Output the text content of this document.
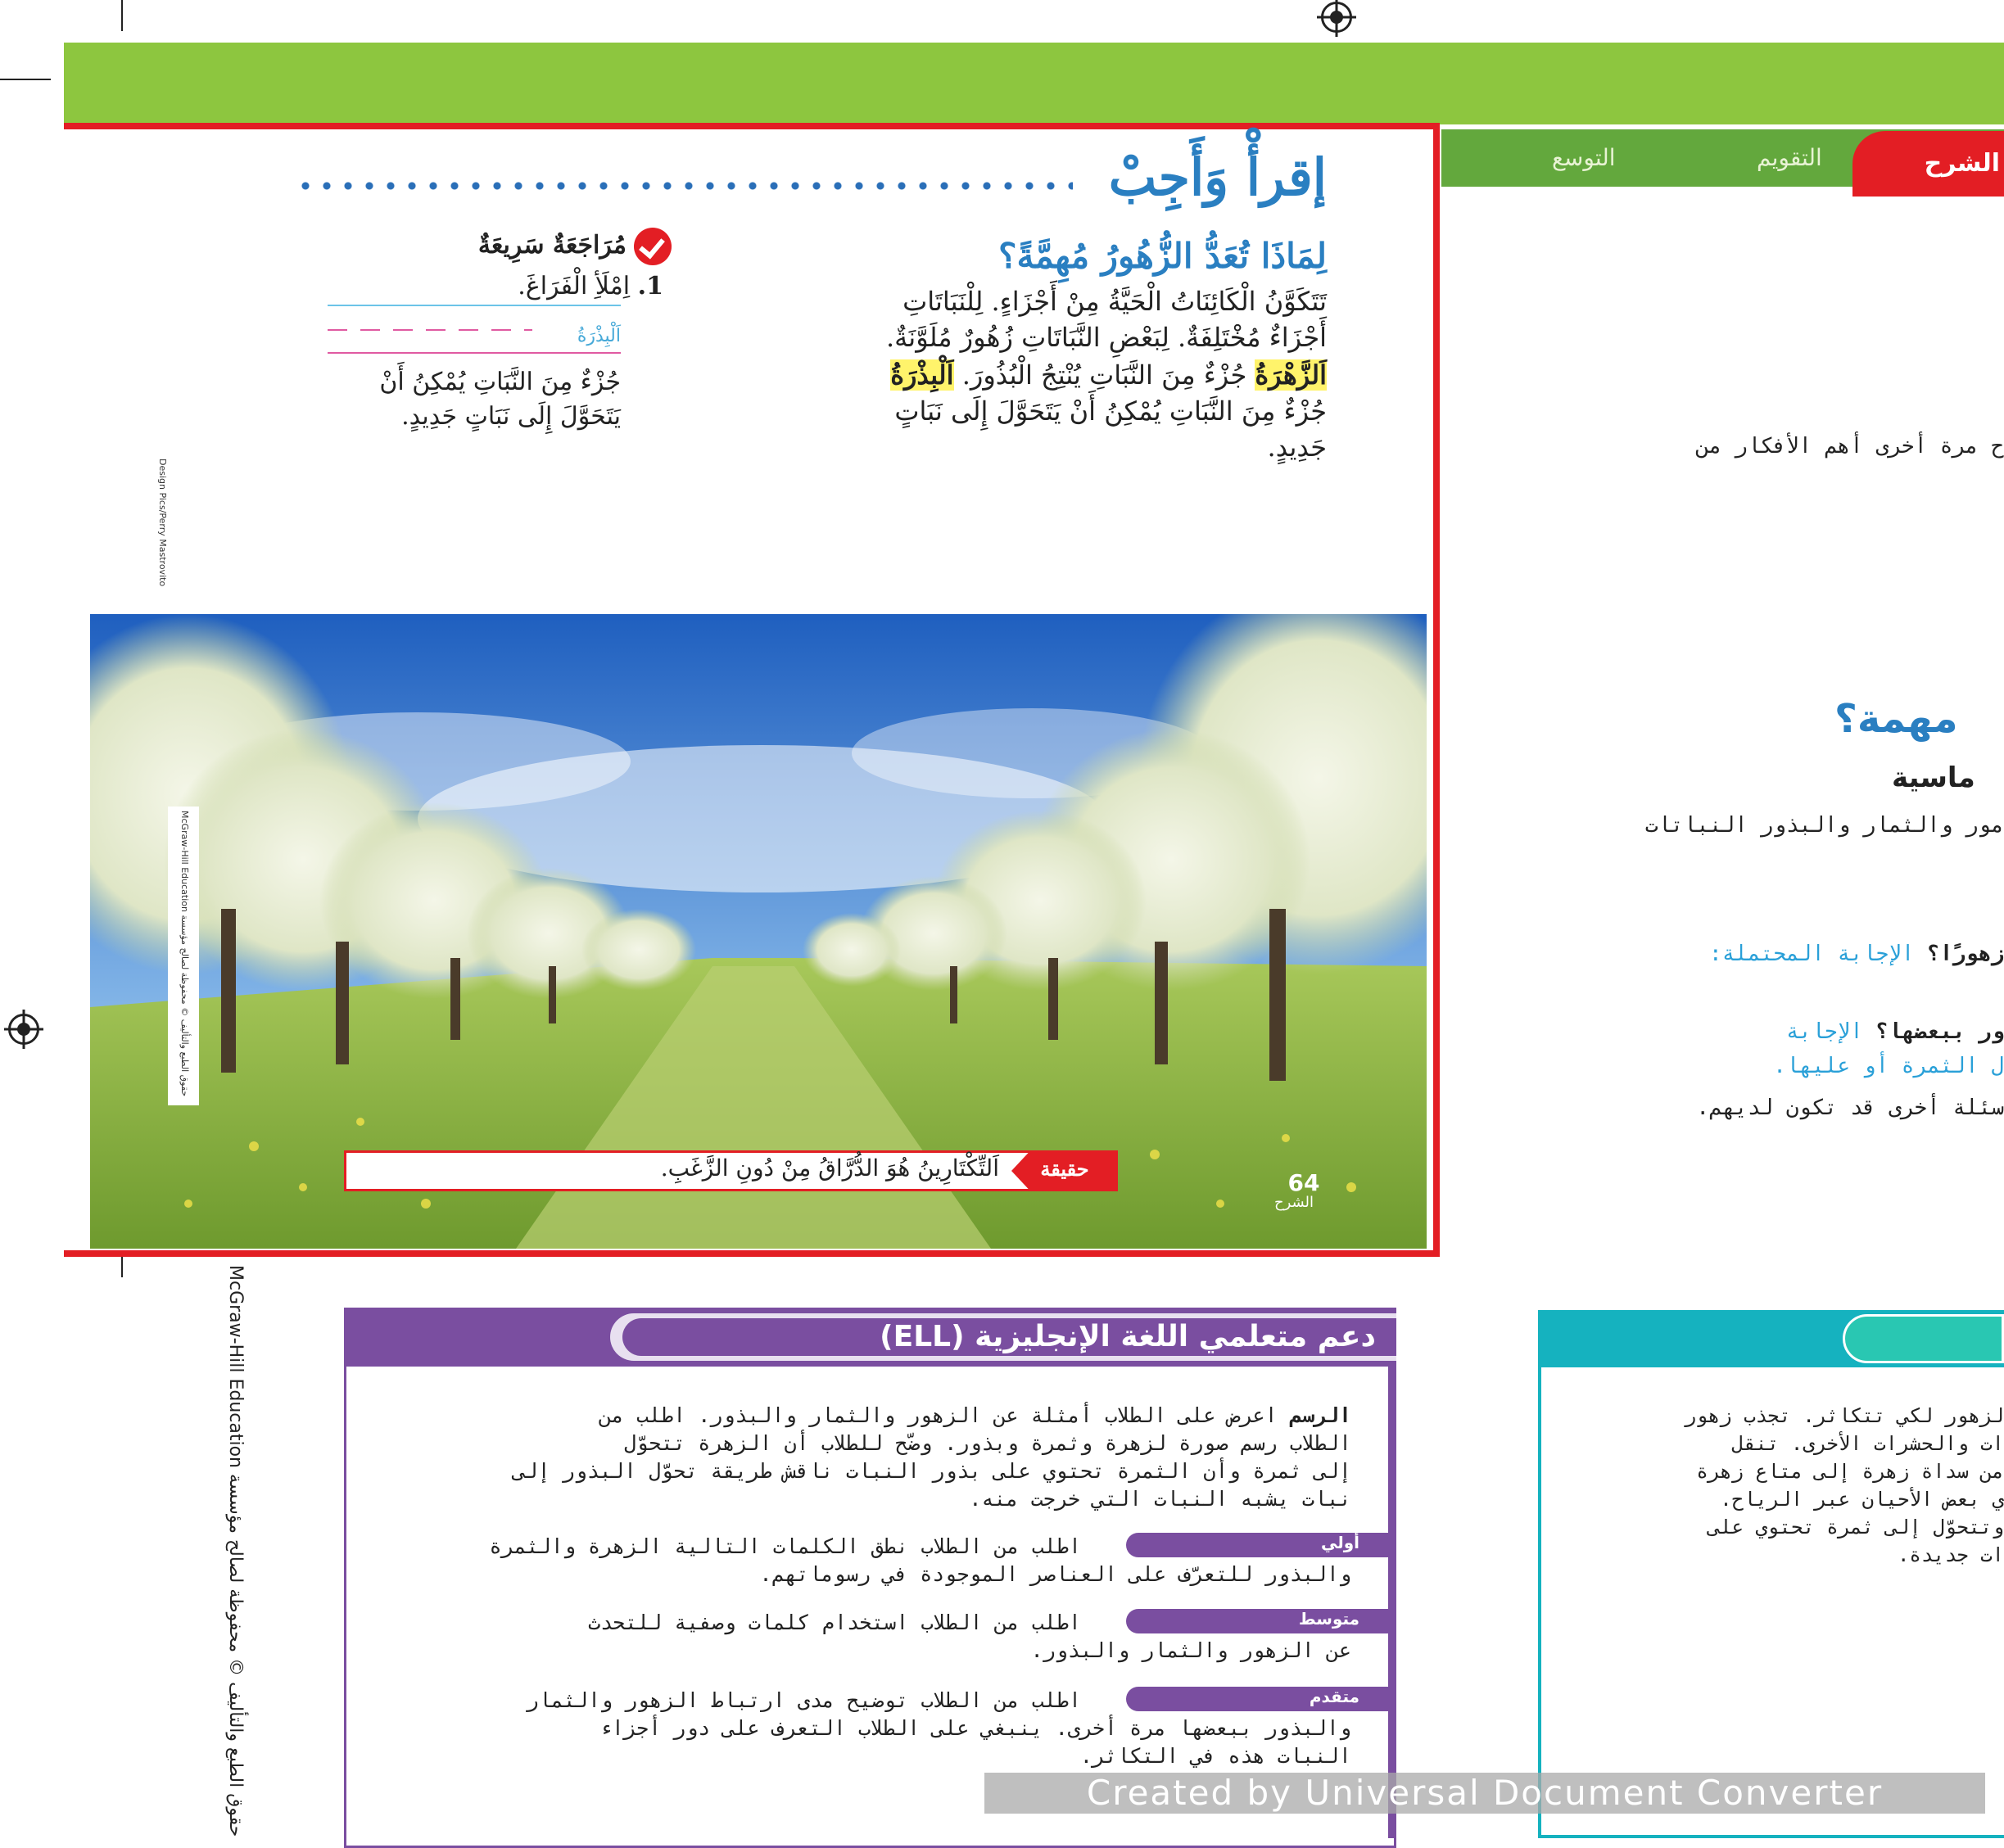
التوسع	التقويم	الشرح
إقرأْ وَأَجِبْ
لِمَاذَا تُعَدُّ الزُّهُورُ مُهِمَّةً؟
تَتَكَوَّنُ الْكَائِنَاتُ الْحَيَّةُ مِنْ أَجْزَاءٍ. لِلْنَبَاتَاتِ
أَجْزَاءٌ مُخْتَلِفَةٌ. لِبَعْضِ النَّبَاتَاتِ زُهُورٌ مُلَوَّنَةٌ.
اَلزَّهْرَةُ جُزْءٌ مِنَ النَّبَاتِ يُنْتِجُ الْبُذُورَ. اَلْبِذْرَةُ
جُزْءٌ مِنَ النَّبَاتِ يُمْكِنُ أَنْ يَتَحَوَّلَ إِلَى نَبَاتٍ
جَدِيدٍ.
مُرَاجَعَةٌ سَرِيعَةٌ
1. اِمْلَأِ الْفَرَاغَ.
اَلْبِذْرَةُ
جُزْءٌ مِنَ النَّبَاتِ يُمْكِنُ أَنْ
يَتَحَوَّلَ إِلَى نَبَاتٍ جَدِيدٍ.
Design Pics/Perry Mastrovito
McGraw-Hill Education حقوق الطبع والتأليف © محفوظة لصالح مؤسسة
حقيقة
اَلتِّكْتَارِينُ هُوَ الدُّرَّاقُ مِنْ دُونِ الزَّغَبِ.
64
الشرح
ح مرة أخرى أهم الأفكار من
مهمة؟
ماسية
مور والثمار والبذور النباتات
زهورًا؟ الإجابة المحتملة:
ور ببعضها؟ الإجابة
ل الثمرة أو عليها.
سئلة أخرى قد تكون لديهم.
McGraw-Hill Education حقوق الطبع والتأليف © محفوظة لصالح مؤسسة
دعم متعلمي اللغة الإنجليزية (ELL)
الرسم اعرض على الطلاب أمثلة عن الزهور والثمار والبذور. اطلب من
الطلاب رسم صورة لزهرة وثمرة وبذور. وضّح للطلاب أن الزهرة تتحوّل
إلى ثمرة وأن الثمرة تحتوي على بذور النبات ناقش طريقة تحوّل البذور إلى
نبات يشبه النبات التي خرجت منه.
أولي
اطلب من الطلاب نطق الكلمات التالية الزهرة والثمرة
والبذور للتعرّف على العناصر الموجودة في رسوماتهم.
متوسط
اطلب من الطلاب استخدام كلمات وصفية للتحدث
عن الزهور والثمار والبذور.
متقدم
اطلب من الطلاب توضيح مدى ارتباط الزهور والثمار
والبذور ببعضها مرة أخرى. ينبغي على الطلاب التعرف على دور أجزاء
النبات هذه في التكاثر.
لزهور لكي تتكاثر. تجذب زهور
ات والحشرات الأخرى. تنقل
من سداة زهرة إلى متاع زهرة
ي بعض الأحيان عبر الرياح.
وتتحوّل إلى ثمرة تحتوي على
ات جديدة.
Created by Universal Document Converter
